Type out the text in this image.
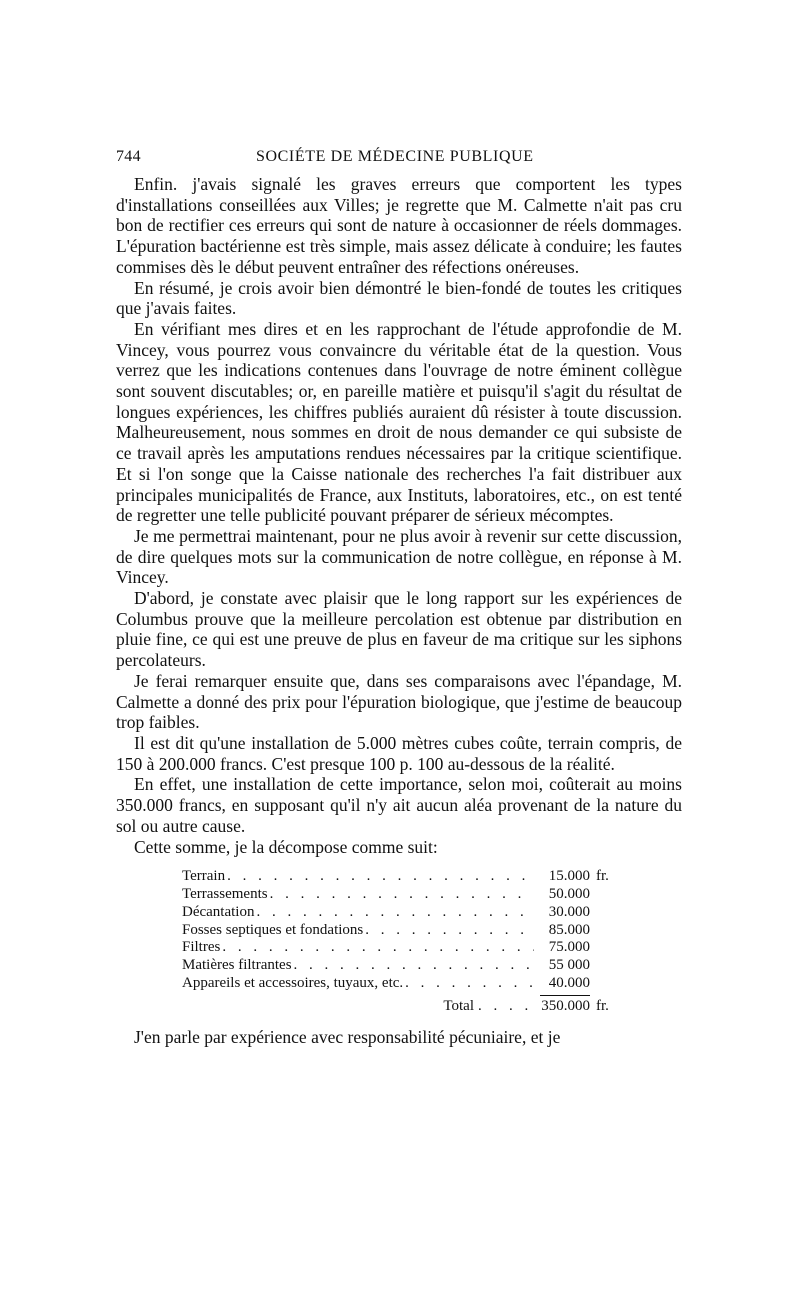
744	SOCIÉTE DE MÉDECINE PUBLIQUE

Enfin. j'avais signalé les graves erreurs que comportent les types d'installations conseillées aux Villes; je regrette que M. Calmette n'ait pas cru bon de rectifier ces erreurs qui sont de nature à occasionner de réels dommages. L'épuration bactérienne est très simple, mais assez délicate à conduire; les fautes commises dès le début peuvent entraîner des réfections onéreuses.

En résumé, je crois avoir bien démontré le bien-fondé de toutes les critiques que j'avais faites.

En vérifiant mes dires et en les rapprochant de l'étude approfondie de M. Vincey, vous pourrez vous convaincre du véritable état de la question. Vous verrez que les indications contenues dans l'ouvrage de notre éminent collègue sont souvent discutables; or, en pareille matière et puisqu'il s'agit du résultat de longues expériences, les chiffres publiés auraient dû résister à toute discussion. Malheureusement, nous sommes en droit de nous demander ce qui subsiste de ce travail après les amputations rendues nécessaires par la critique scientifique. Et si l'on songe que la Caisse nationale des recherches l'a fait distribuer aux principales municipalités de France, aux Instituts, laboratoires, etc., on est tenté de regretter une telle publicité pouvant préparer de sérieux mécomptes.

Je me permettrai maintenant, pour ne plus avoir à revenir sur cette discussion, de dire quelques mots sur la communication de notre collègue, en réponse à M. Vincey.

D'abord, je constate avec plaisir que le long rapport sur les expériences de Columbus prouve que la meilleure percolation est obtenue par distribution en pluie fine, ce qui est une preuve de plus en faveur de ma critique sur les siphons percolateurs.

Je ferai remarquer ensuite que, dans ses comparaisons avec l'épandage, M. Calmette a donné des prix pour l'épuration biologique, que j'estime de beaucoup trop faibles.

Il est dit qu'une installation de 5.000 mètres cubes coûte, terrain compris, de 150 à 200.000 francs. C'est presque 100 p. 100 au-dessous de la réalité.

En effet, une installation de cette importance, selon moi, coûterait au moins 350.000 francs, en supposant qu'il n'y ait aucun aléa provenant de la nature du sol ou autre cause.

Cette somme, je la décompose comme suit:

Terrain . . .	15.000 fr.
Terrassements . . .	50.000
Décantation . . .	30.000
Fosses septiques et fondations . . .	85.000
Filtres . . .	75.000
Matières filtrantes . . .	55 000
Appareils et accessoires, tuyaux, etc. . . .	40.000
Total . . .	350.000 fr.

J'en parle par expérience avec responsabilité pécuniaire, et je
